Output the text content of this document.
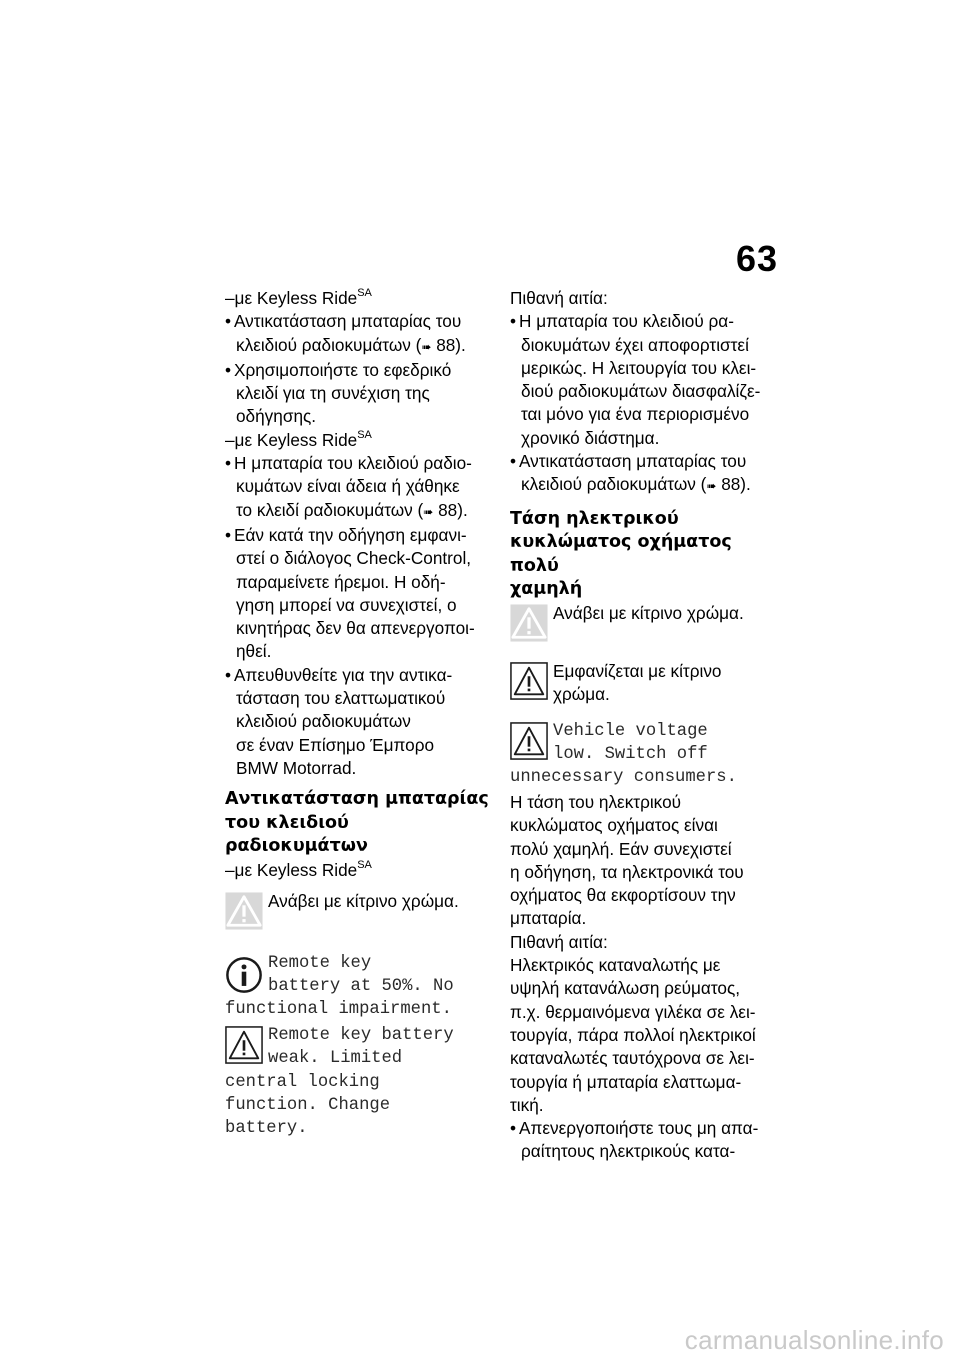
63
–με Keyless Ride$^{SA}$
• Αντικατάσταση μπαταρίας του
κλειδιού ραδιοκυμάτων (➠ 88).
• Χρησιμοποιήστε το εφεδρικό
κλειδί για τη συνέχιση της
οδήγησης.
–με Keyless Ride$^{SA}$
• Η μπαταρία του κλειδιού ραδιο-
κυμάτων είναι άδεια ή χάθηκε
το κλειδί ραδιοκυμάτων (➠ 88).
• Εάν κατά την οδήγηση εμφανι-
στεί ο διάλογος Check-Control,
παραμείνετε ήρεμοι. Η οδή-
γηση μπορεί να συνεχιστεί, ο
κινητήρας δεν θα απενεργοποι-
ηθεί.
• Απευθυνθείτε για την αντικα-
τάσταση του ελαττωματικού
κλειδιού ραδιοκυμάτων
σε έναν Επίσημο Έμπορο
BMW Motorrad.
Αντικατάσταση μπαταρίας
του κλειδιού ραδιοκυμάτων
–με Keyless Ride$^{SA}$
Ανάβει με κίτρινο χρώμα.
Remote key
battery at 50%. No
functional impairment.
Remote key battery
weak. Limited
central locking
function. Change
battery.
Πιθανή αιτία:
• Η μπαταρία του κλειδιού ρα-
διοκυμάτων έχει αποφορτιστεί
μερικώς. Η λειτουργία του κλει-
διού ραδιοκυμάτων διασφαλίζε-
ται μόνο για ένα περιορισμένο
χρονικό διάστημα.
• Αντικατάσταση μπαταρίας του
κλειδιού ραδιοκυμάτων (➠ 88).
Τάση ηλεκτρικού
κυκλώματος οχήματος πολύ
χαμηλή
Ανάβει με κίτρινο χρώμα.
Εμφανίζεται με κίτρινο
χρώμα.
Vehicle voltage
low. Switch off
unnecessary consumers.
Η τάση του ηλεκτρικού
κυκλώματος οχήματος είναι
πολύ χαμηλή. Εάν συνεχιστεί
η οδήγηση, τα ηλεκτρονικά του
οχήματος θα εκφορτίσουν την
μπαταρία.
Πιθανή αιτία:
Ηλεκτρικός καταναλωτής με
υψηλή κατανάλωση ρεύματος,
π.χ. θερμαινόμενα γιλέκα σε λει-
τουργία, πάρα πολλοί ηλεκτρικοί
καταναλωτές ταυτόχρονα σε λει-
τουργία ή μπαταρία ελαττωμα-
τική.
• Απενεργοποιήστε τους μη απα-
ραίτητους ηλεκτρικούς κατα-
carmanualsonline.info
